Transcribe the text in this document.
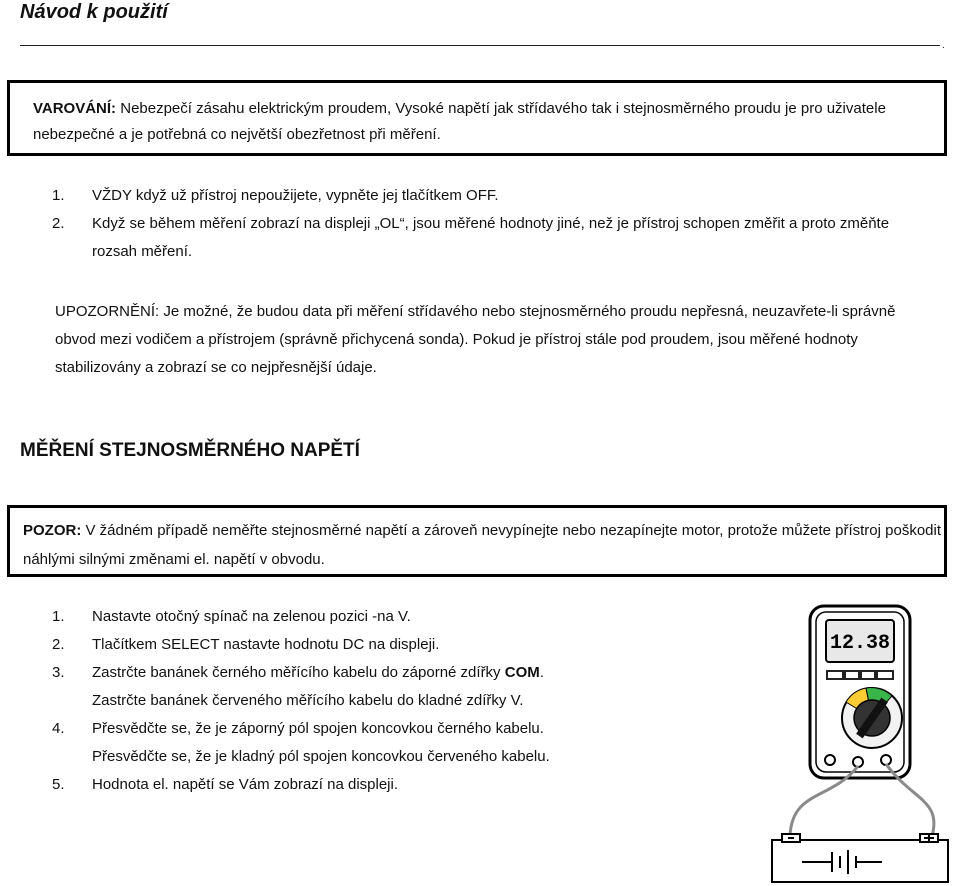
Návod k použití
.
VAROVÁNÍ: Nebezpečí zásahu elektrickým proudem, Vysoké napětí jak střídavého tak i stejnosměrného proudu je pro uživatele nebezpečné a je potřebná co největší obezřetnost při měření.
1. VŽDY když už přístroj nepoužijete, vypněte jej tlačítkem OFF.
2. Když se během měření zobrazí na displeji „OL“, jsou měřené hodnoty jiné, než je přístroj schopen změřit a proto změňte rozsah měření.

UPOZORNĚNÍ: Je možné, že budou data při měření střídavého nebo stejnosměrného proudu nepřesná, neuzavřete-li správně obvod mezi vodičem a přístrojem (správně přichycená sonda). Pokud je přístroj stále pod proudem, jsou měřené hodnoty stabilizovány a zobrazí se co nejpřesnější údaje.

MĚŘENÍ STEJNOSMĚRNÉHO NAPĚTÍ
POZOR: V žádném případě neměřte stejnosměrné napětí a zároveň nevypínejte nebo nezapínejte motor, protože můžete přístroj poškodit náhlými silnými změnami el. napětí v obvodu.
1. Nastavte otočný spínač na zelenou pozici -na V.
2. Tlačítkem SELECT nastavte hodnotu DC na displeji.
3. Zastrčte banánek černého měřícího kabelu do záporné zdířky COM.
Zastrčte banánek červeného měřícího kabelu do kladné zdířky V.
4. Přesvědčte se, že je záporný pól spojen koncovkou černého kabelu.
Přesvědčte se, že je kladný pól spojen koncovkou červeného kabelu.
5. Hodnota el. napětí se Vám zobrazí na displeji.
12.38
